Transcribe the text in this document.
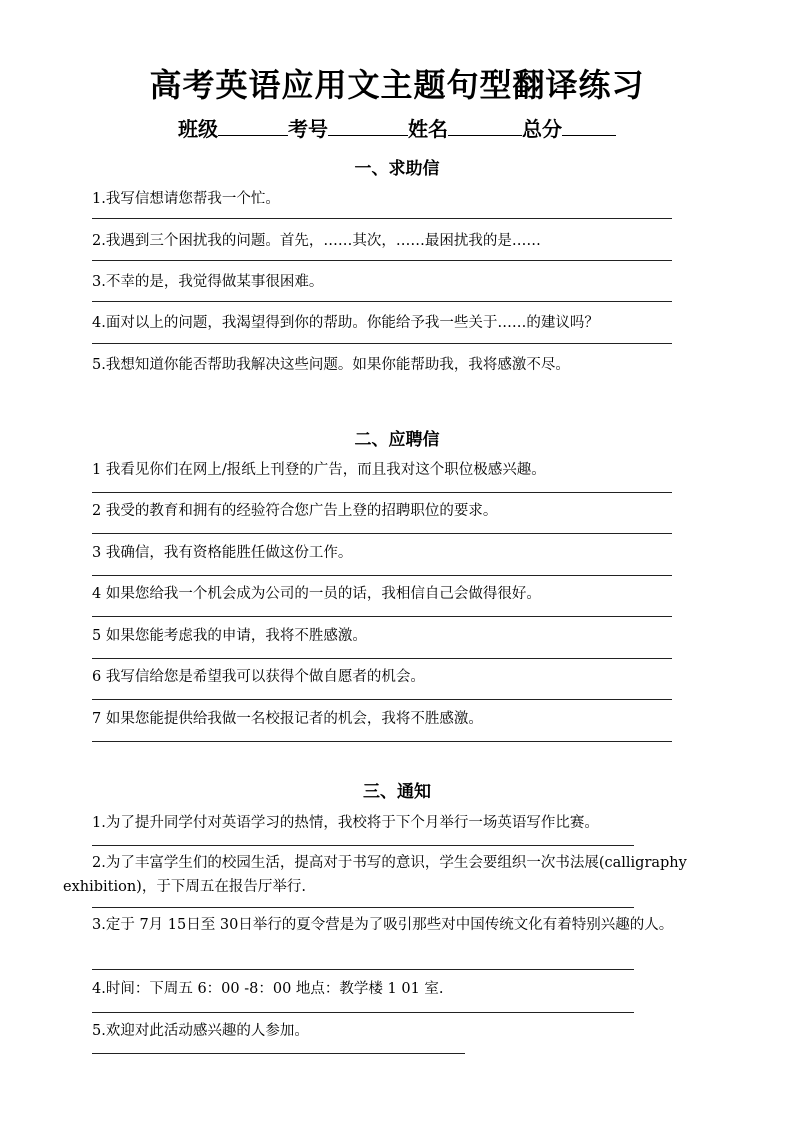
高考英语应用文主题句型翻译练习
班级	考号	姓名	总分
一、求助信
1.我写信想请您帮我一个忙。
2.我遇到三个困扰我的问题。首先，……其次，……最困扰我的是……
3.不幸的是，我觉得做某事很困难。
4.面对以上的问题，我渴望得到你的帮助。你能给予我一些关于……的建议吗？
5.我想知道你能否帮助我解决这些问题。如果你能帮助我，我将感激不尽。
二、应聘信
1 我看见你们在网上/报纸上刊登的广告，而且我对这个职位极感兴趣。
2 我受的教育和拥有的经验符合您广告上登的招聘职位的要求。
3 我确信，我有资格能胜任做这份工作。
4 如果您给我一个机会成为公司的一员的话，我相信自己会做得很好。
5 如果您能考虑我的申请，我将不胜感激。
6 我写信给您是希望我可以获得个做自愿者的机会。
7 如果您能提供给我做一名校报记者的机会，我将不胜感激。
三、通知
1.为了提升同学付对英语学习的热情，我校将于下个月举行一场英语写作比赛。
2.为了丰富学生们的校园生活，提高对于书写的意识，学生会要组织一次书法展(calligraphy exhibition)，于下周五在报告厅举行.
3.定于 7月 15日至 30日举行的夏令营是为了吸引那些对中国传统文化有着特别兴趣的人。
4.时间：下周五 6：00 -8：00 地点：教学楼 1 01 室.
5.欢迎对此活动感兴趣的人参加。
